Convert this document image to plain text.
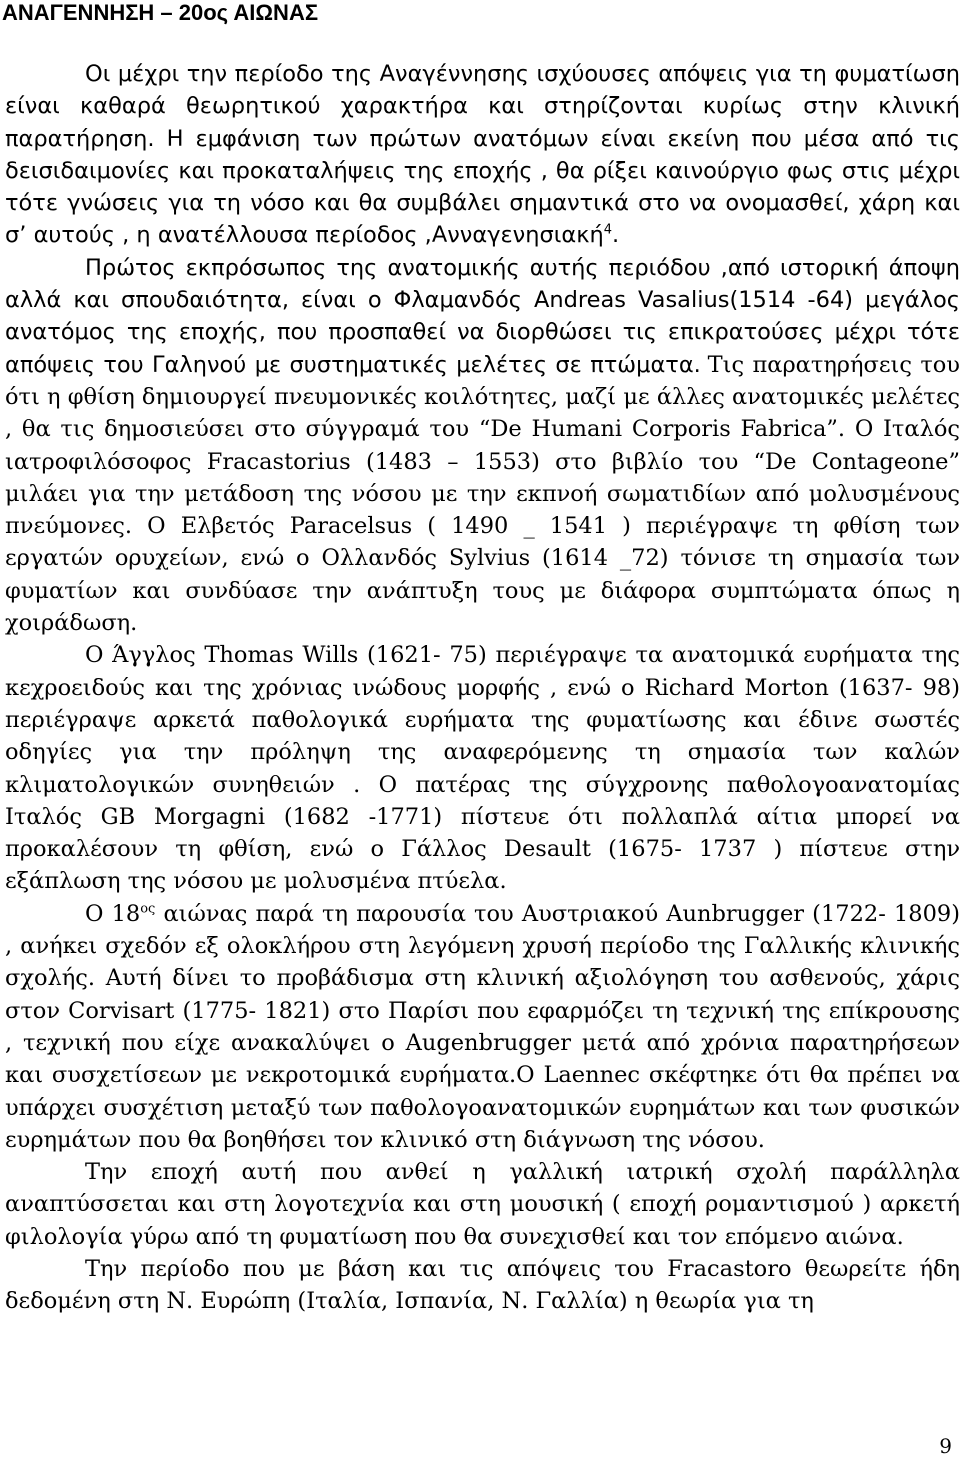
ΑΝΑΓΕΝΝΗΣΗ – 20ος ΑΙΩΝΑΣ

Οι μέχρι την περίοδο της Αναγέννησης ισχύουσες απόψεις για τη φυματίωση είναι καθαρά θεωρητικού χαρακτήρα και στηρίζονται κυρίως στην κλινική παρατήρηση. Η εμφάνιση των πρώτων ανατόμων είναι εκείνη που μέσα από τις δεισιδαιμονίες και προκαταλήψεις της εποχής , θα ρίξει καινούργιο φως στις μέχρι τότε γνώσεις για τη νόσο και θα συμβάλει σημαντικά στο να ονομασθεί, χάρη και σ’ αυτούς , η ανατέλλουσα περίοδος ,Ανναγενησιακή$^4$.

Πρώτος εκπρόσωπος της ανατομικής αυτής περιόδου ,από ιστορική άποψη αλλά και σπουδαιότητα, είναι ο Φλαμανδός Andreas Vasalius(1514 -64) μεγάλος ανατόμος της εποχής, που προσπαθεί να διορθώσει τις επικρατούσες μέχρι τότε απόψεις του Γαληνού με συστηματικές μελέτες σε πτώματα. Τις παρατηρήσεις του ότι η φθίση δημιουργεί πνευμονικές κοιλότητες, μαζί με άλλες ανατομικές μελέτες , θα τις δημοσιεύσει στο σύγγραμά του “De Humani Corporis Fabrica”. Ο Ιταλός ιατροφιλόσοφος Fracastorius (1483 – 1553) στο βιβλίο του “De Contageone” μιλάει για την μετάδοση της νόσου με την εκπνοή σωματιδίων από μολυσμένους πνεύμονες. Ο Ελβετός Paracelsus ( 1490 _ 1541 ) περιέγραψε τη φθίση των εργατών ορυχείων, ενώ ο Ολλανδός Sylvius (1614 _72) τόνισε τη σημασία των φυματίων και συνδύασε την ανάπτυξη τους με διάφορα συμπτώματα όπως η χοιράδωση.

Ο Άγγλος Thomas Wills (1621- 75) περιέγραψε τα ανατομικά ευρήματα της κεχροειδούς και της χρόνιας ινώδους μορφής , ενώ ο Richard Morton (1637- 98) περιέγραψε αρκετά παθολογικά ευρήματα της φυματίωσης και έδινε σωστές οδηγίες για την πρόληψη της αναφερόμενης τη σημασία των καλών κλιματολογικών συνηθειών . Ο πατέρας της σύγχρονης παθολογοανατομίας Ιταλός GB Morgagni (1682 -1771) πίστευε ότι πολλαπλά αίτια μπορεί να προκαλέσουν τη φθίση, ενώ ο Γάλλος Desault (1675- 1737 ) πίστευε στην εξάπλωση της νόσου με μολυσμένα πτύελα.

Ο $18^{o\varsigma}$ αιώνας παρά τη παρουσία του Αυστριακού Aunbrugger (1722- 1809) , ανήκει σχεδόν εξ ολοκλήρου στη λεγόμενη χρυσή περίοδο της Γαλλικής κλινικής σχολής. Αυτή δίνει το προβάδισμα στη κλινική αξιολόγηση του ασθενούς, χάρις στον Corvisart (1775- 1821) στο Παρίσι που εφαρμόζει τη τεχνική της επίκρουσης , τεχνική που είχε ανακαλύψει ο Augenbrugger μετά από χρόνια παρατηρήσεων και συσχετίσεων με νεκροτομικά ευρήματα.Ο Laennec σκέφτηκε ότι θα πρέπει να υπάρχει συσχέτιση μεταξύ των παθολογοανατομικών ευρημάτων και των φυσικών ευρημάτων που θα βοηθήσει τον κλινικό στη διάγνωση της νόσου.

Την εποχή αυτή που ανθεί η γαλλική ιατρική σχολή παράλληλα αναπτύσσεται και στη λογοτεχνία και στη μουσική ( εποχή ρομαντισμού ) αρκετή φιλολογία γύρω από τη φυματίωση που θα συνεχισθεί και τον επόμενο αιώνα.

Την περίοδο που με βάση και τις απόψεις του Fracastoro θεωρείτε ήδη δεδομένη στη Ν. Ευρώπη (Ιταλία, Ισπανία, Ν. Γαλλία) η θεωρία για τη

9
